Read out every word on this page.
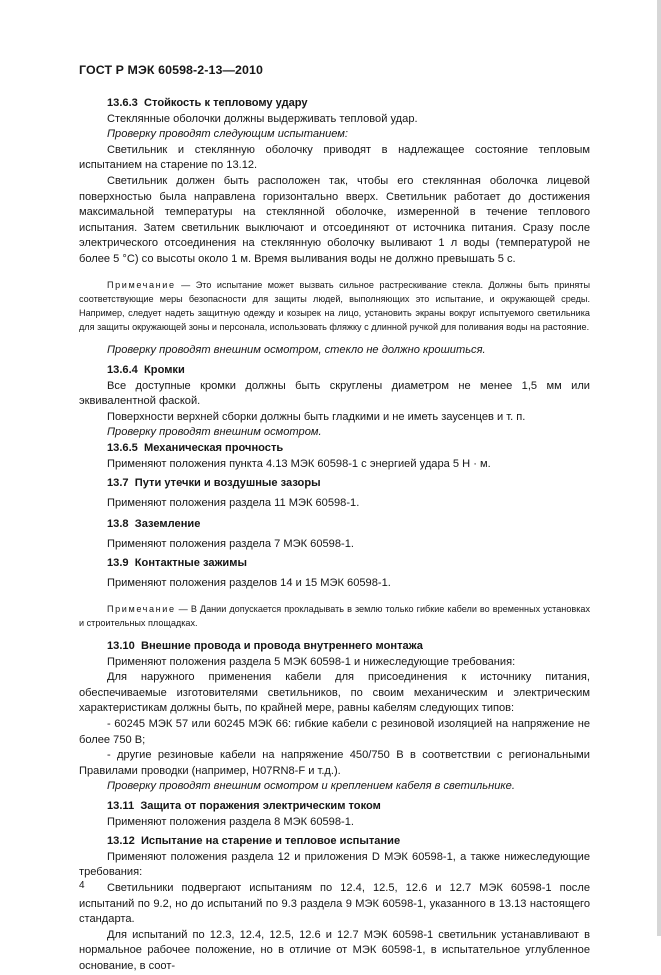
ГОСТ Р МЭК 60598-2-13—2010

13.6.3 Стойкость к тепловому удару

Стеклянные оболочки должны выдерживать тепловой удар.

Проверку проводят следующим испытанием:

Светильник и стеклянную оболочку приводят в надлежащее состояние тепловым испытанием на старение по 13.12.

Светильник должен быть расположен так, чтобы его стеклянная оболочка лицевой поверхностью была направлена горизонтально вверх. Светильник работает до достижения максимальной температуры на стеклянной оболочке, измеренной в течение теплового испытания. Затем светильник выключают и отсоединяют от источника питания. Сразу после электрического отсоединения на стеклянную оболочку выливают 1 л воды (температурой не более 5 °C) со высоты около 1 м. Время выливания воды не должно превышать 5 с.

Примечание — Это испытание может вызвать сильное растрескивание стекла. Должны быть приняты соответствующие меры безопасности для защиты людей, выполняющих это испытание, и окружающей среды. Например, следует надеть защитную одежду и козырек на лицо, установить экраны вокруг испытуемого светильника для защиты окружающей зоны и персонала, использовать фляжку с длинной ручкой для поливания воды на растояние.

Проверку проводят внешним осмотром, стекло не должно крошиться.

13.6.4 Кромки

Все доступные кромки должны быть скруглены диаметром не менее 1,5 мм или эквивалентной фаской.

Поверхности верхней сборки должны быть гладкими и не иметь заусенцев и т. п.

Проверку проводят внешним осмотром.

13.6.5 Механическая прочность

Применяют положения пункта 4.13 МЭК 60598-1 с энергией удара 5 Н · м.

13.7 Пути утечки и воздушные зазоры

Применяют положения раздела 11 МЭК 60598-1.

13.8 Заземление

Применяют положения раздела 7 МЭК 60598-1.

13.9 Контактные зажимы

Применяют положения разделов 14 и 15 МЭК 60598-1.

Примечание — В Дании допускается прокладывать в землю только гибкие кабели во временных установках и строительных площадках.

13.10 Внешние провода и провода внутреннего монтажа

Применяют положения раздела 5 МЭК 60598-1 и нижеследующие требования:

Для наружного применения кабели для присоединения к источнику питания, обеспечиваемые изготовителями светильников, по своим механическим и электрическим характеристикам должны быть, по крайней мере, равны кабелям следующих типов:

- 60245 МЭК 57 или 60245 МЭК 66: гибкие кабели с резиновой изоляцией на напряжение не более 750 В;

- другие резиновые кабели на напряжение 450/750 В в соответствии с региональными Правилами проводки (например, H07RN8-F и т.д.).

Проверку проводят внешним осмотром и креплением кабеля в светильнике.

13.11 Защита от поражения электрическим током

Применяют положения раздела 8 МЭК 60598-1.

13.12 Испытание на старение и тепловое испытание

Применяют положения раздела 12 и приложения D МЭК 60598-1, а также нижеследующие требования:

Светильники подвергают испытаниям по 12.4, 12.5, 12.6 и 12.7 МЭК 60598-1 после испытаний по 9.2, но до испытаний по 9.3 раздела 9 МЭК 60598-1, указанного в 13.13 настоящего стандарта.

Для испытаний по 12.3, 12.4, 12.5, 12.6 и 12.7 МЭК 60598-1 светильник устанавливают в нормальное рабочее положение, но в отличие от МЭК 60598-1, в испытательное углубленное основание, в соот-

4
